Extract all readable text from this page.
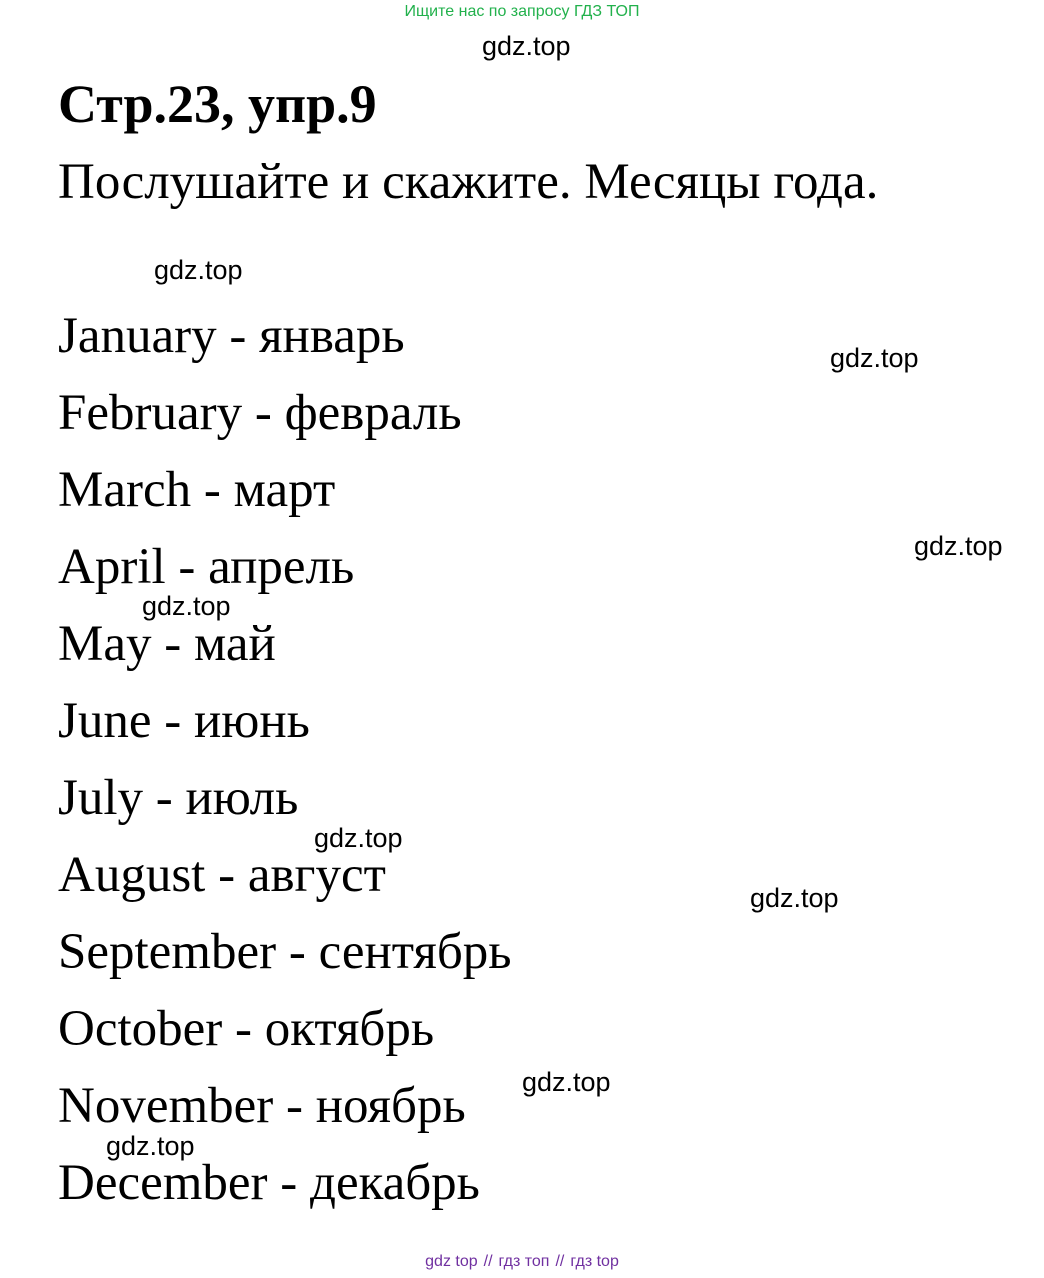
Ищите нас по запросу ГДЗ ТОП
gdz.top
Стр.23, упр.9
Послушайте и скажите. Месяцы года.
gdz.top
gdz.top
gdz.top
gdz.top
gdz.top
gdz.top
gdz.top
gdz.top
January - январь
February - февраль
March - март
April - апрель
May - май
June - июнь
July - июль
August - август
September - сентябрь
October - октябрь
November - ноябрь
December - декабрь
gdz top // гдз топ // гдз top
